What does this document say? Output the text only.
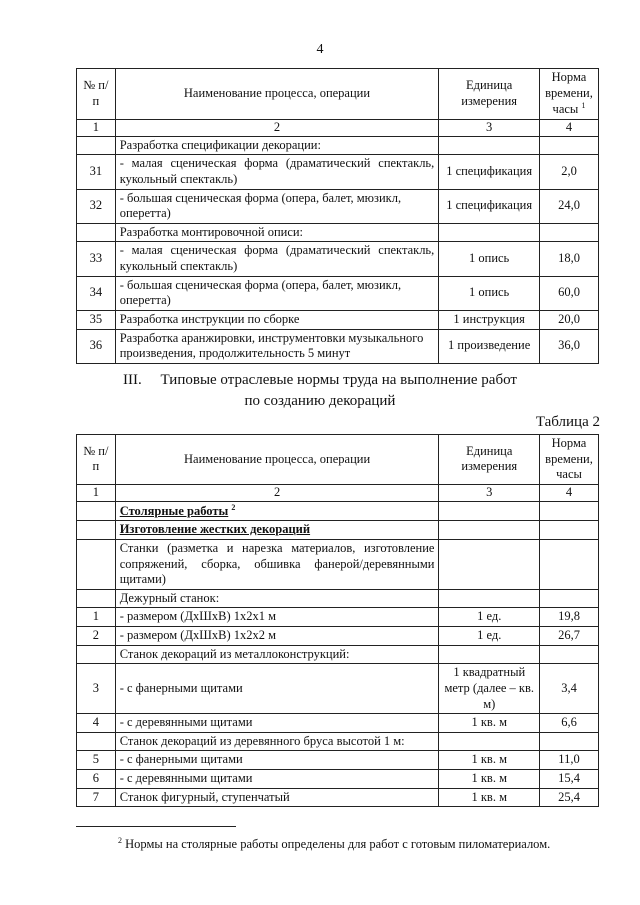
4
№ п/п	Наименование процесса, операции	Единица измерения	Норма времени, часы $^1$
1	2	3	4
	Разработка спецификации декорации:		
31	- малая сценическая форма (драматический спектакль, кукольный спектакль)	1 спецификация	2,0
32	- большая сценическая форма (опера, балет, мюзикл, оперетта)	1 спецификация	24,0
	Разработка монтировочной описи:		
33	- малая сценическая форма (драматический спектакль, кукольный спектакль)	1 опись	18,0
34	- большая сценическая форма (опера, балет, мюзикл, оперетта)	1 опись	60,0
35	Разработка инструкции по сборке	1 инструкция	20,0
36	Разработка аранжировки, инструментовки музыкального произведения, продолжительность 5 минут	1 произведение	36,0
III. Типовые отраслевые нормы труда на выполнение работ
по созданию декораций
Таблица 2
№ п/п	Наименование процесса, операции	Единица измерения	Норма времени, часы
1	2	3	4
	Столярные работы $^2$		
	Изготовление жестких декораций		
	Станки (разметка и нарезка материалов, изготовление сопряжений, сборка, обшивка фанерой/деревянными щитами)		
	Дежурный станок:		
1	- размером (ДхШхВ) 1х2х1 м	1 ед.	19,8
2	- размером (ДхШхВ) 1х2х2 м	1 ед.	26,7
	Станок декораций из металлоконструкций:		
3	- с фанерными щитами	1 квадратный метр (далее – кв. м)	3,4
4	- с деревянными щитами	1 кв. м	6,6
	Станок декораций из деревянного бруса высотой 1 м:		
5	- с фанерными щитами	1 кв. м	11,0
6	- с деревянными щитами	1 кв. м	15,4
7	Станок фигурный, ступенчатый	1 кв. м	25,4
$^2$ Нормы на столярные работы определены для работ с готовым пиломатериалом.
